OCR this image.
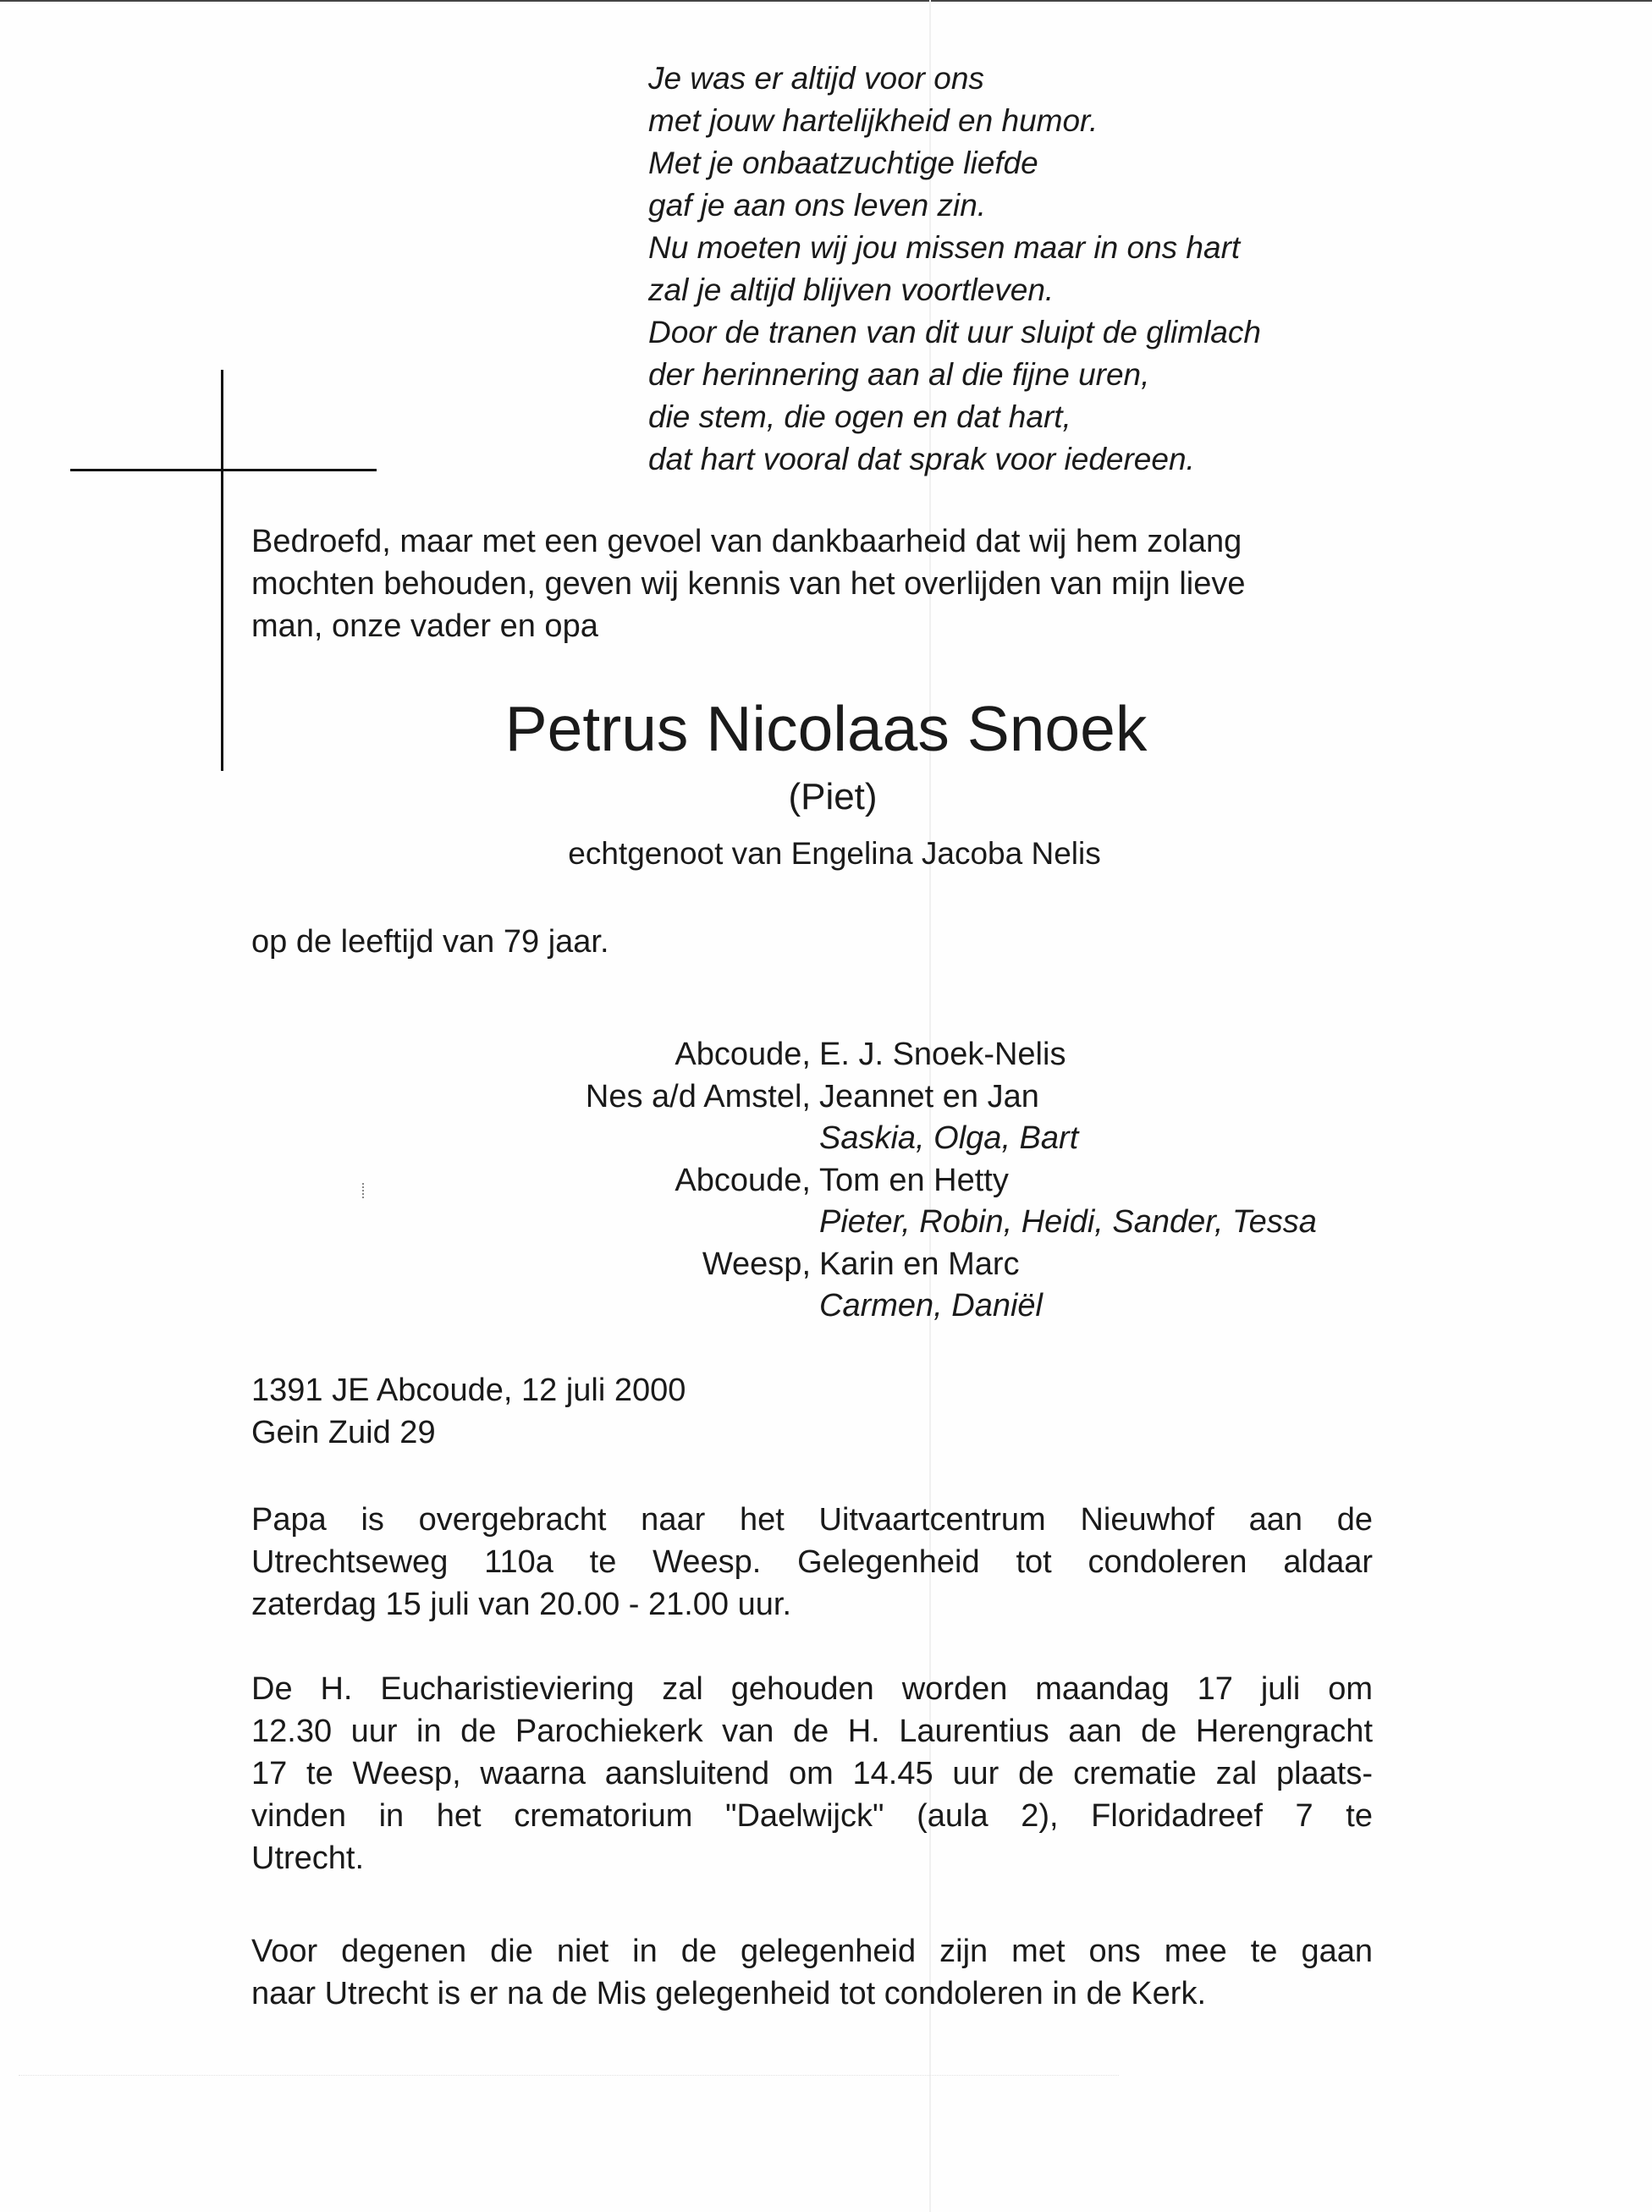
Je was er altijd voor ons
met jouw hartelijkheid en humor.
Met je onbaatzuchtige liefde
gaf je aan ons leven zin.
Nu moeten wij jou missen maar in ons hart
zal je altijd blijven voortleven.
Door de tranen van dit uur sluipt de glimlach
der herinnering aan al die fijne uren,
die stem, die ogen en dat hart,
dat hart vooral dat sprak voor iedereen.
Bedroefd, maar met een gevoel van dankbaarheid dat wij hem zolang
mochten behouden, geven wij kennis van het overlijden van mijn lieve
man, onze vader en opa
Petrus Nicolaas Snoek
(Piet)
echtgenoot van Engelina Jacoba Nelis
op de leeftijd van 79 jaar.
Abcoude, E. J. Snoek-Nelis
Nes a/d Amstel, Jeannet en Jan
Saskia, Olga, Bart
Abcoude, Tom en Hetty
Pieter, Robin, Heidi, Sander, Tessa
Weesp, Karin en Marc
Carmen, Daniël
1391 JE Abcoude, 12 juli 2000
Gein Zuid 29
Papa is overgebracht naar het Uitvaartcentrum Nieuwhof aan de
Utrechtseweg 110a te Weesp. Gelegenheid tot condoleren aldaar
zaterdag 15 juli van 20.00 - 21.00 uur.
De H. Eucharistieviering zal gehouden worden maandag 17 juli om
12.30 uur in de Parochiekerk van de H. Laurentius aan de Herengracht
17 te Weesp, waarna aansluitend om 14.45 uur de crematie zal plaats-
vinden in het crematorium "Daelwijck" (aula 2), Floridadreef 7 te
Utrecht.
Voor degenen die niet in de gelegenheid zijn met ons mee te gaan
naar Utrecht is er na de Mis gelegenheid tot condoleren in de Kerk.
